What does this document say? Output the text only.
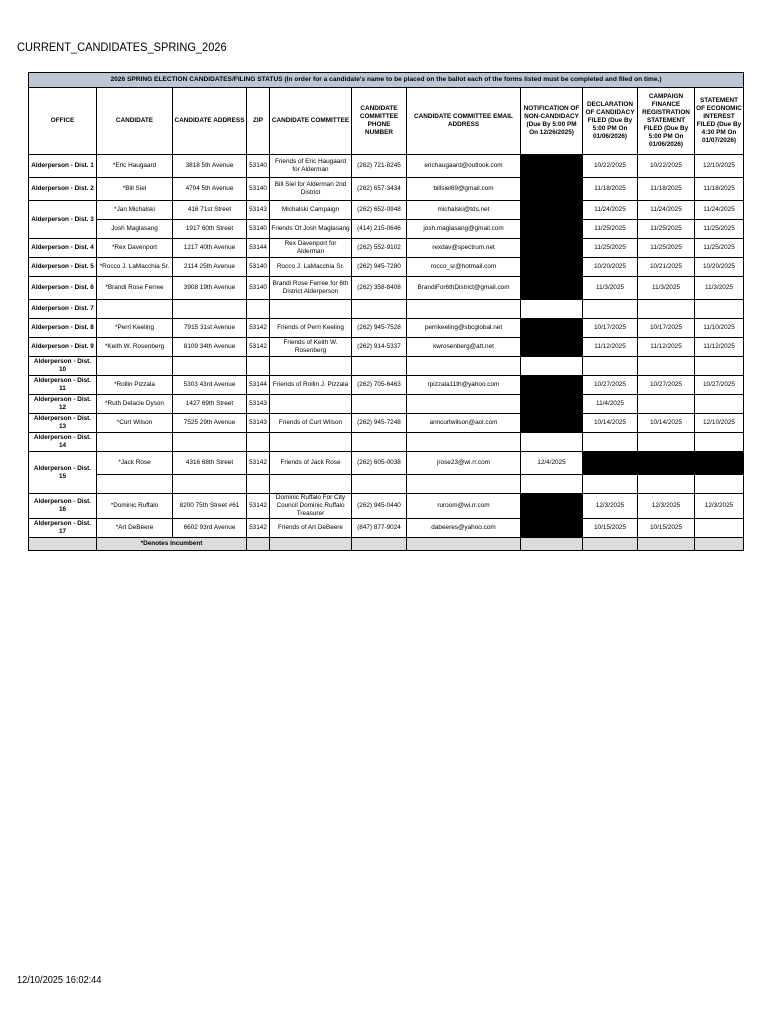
CURRENT_CANDIDATES_SPRING_2026
2026 SPRING ELECTION CANDIDATES/FILING STATUS (In order for a candidate's name to be placed on the ballot each of the forms listed must be completed and filed on time.)										
OFFICE	CANDIDATE	CANDIDATE ADDRESS	ZIP	CANDIDATE COMMITTEE	CANDIDATE COMMITTEE PHONE NUMBER	CANDIDATE COMMITTEE EMAIL ADDRESS	NOTIFICATION OF NON-CANDIDACY (Due By 5:00 PM On 12/26/2025)	DECLARATION OF CANDIDACY FILED (Due By 5:00 PM On 01/06/2026)	CAMPAIGN FINANCE REGISTRATION STATEMENT FILED (Due By 5:00 PM On 01/06/2026)	STATEMENT OF ECONOMIC INTEREST FILED (Due By 4:30 PM On 01/07/2026)
Alderperson - Dist. 1	*Eric Haugaard	3818 5th Avenue	53140	Friends of Eric Haugaard for Alderman	(262) 721-8245	erichaugaard@outlook.com		10/22/2025	10/22/2025	12/10/2025
Alderperson - Dist. 2	*Bill Siel	4704 5th Avenue	53140	Bill Siel for Alderman 2nd District	(262) 657-3434	billsiel69@gmail.com		11/18/2025	11/18/2025	11/18/2025
Alderperson - Dist. 3	*Jan Michalski	416 71st Street	53143	Michalski Campaign	(262) 652-0948	michalski@tds.net		11/24/2025	11/24/2025	11/24/2025
	Josh Maglasang	1917 60th Street	53140	Friends Of Josh Maglasang	(414) 215-0646	josh.maglasang@gmail.com		11/25/2025	11/25/2025	11/25/2025
Alderperson - Dist. 4	*Rex Davenport	1217 40th Avenue	53144	Rex Davenport for Alderman	(262) 552-9102	rexdav@spectrum.net		11/25/2025	11/25/2025	11/25/2025
Alderperson - Dist. 5	*Rocco J. LaMacchia Sr.	2114 25th Avenue	53140	Rocco J. LaMacchia Sr.	(262) 945-7280	rocco_sr@hotmail.com		10/20/2025	10/21/2025	10/20/2025
Alderperson - Dist. 6	*Brandi Rose Ferree	3908 19th Avenue	53140	Brandi Rose Ferree for 6th District Alderperson	(262) 358-8408	BrandiFor6thDistrict@gmail.com		11/3/2025	11/3/2025	11/3/2025
Alderperson - Dist. 7										
Alderperson - Dist. 8	*Perri Keeling	7915 31st Avenue	53142	Friends of Perri Keeling	(262) 945-7528	perrikeeling@sbcglobal.net		10/17/2025	10/17/2025	11/10/2025
Alderperson - Dist. 9	*Keith W. Rosenberg	8109 34th Avenue	53142	Friends of Keith W. Rosenberg	(262) 914-5337	kwrosenberg@att.net		11/12/2025	11/12/2025	11/12/2025
Alderperson - Dist. 10										
Alderperson - Dist. 11	*Rollin Pizzala	5303 43rd Avenue	53144	Friends of Rollin J. Pizzala	(262) 705-6463	rpizzala11th@yahoo.com		10/27/2025	10/27/2025	10/27/2025
Alderperson - Dist. 12	*Ruth Delacie Dyson	1427 69th Street	53143					11/4/2025		
Alderperson - Dist. 13	*Curt Wilson	7525 29th Avenue	53143	Friends of Curt Wilson	(262) 945-7248	anncurtwilson@aol.com		10/14/2025	10/14/2025	12/10/2025
Alderperson - Dist. 14										
Alderperson - Dist. 15	*Jack Rose	4316 68th Street	53142	Friends of Jack Rose	(262) 605-0038	jrose23@wi.rr.com	12/4/2025			

Alderperson - Dist. 16	*Dominic Ruffalo	8200 75th Street #61	53142	Dominic Ruffalo For City Council Dominic Ruffalo Treasurer	(262) 945-0440	ruroom@wi.rr.com		12/3/2025	12/3/2025	12/3/2025
Alderperson - Dist. 17	*Art DeBeere	6602 93rd Avenue	53142	Friends of Art DeBeere	(847) 877-9024	dabeeres@yahoo.com		10/15/2025	10/15/2025	
	*Denotes Incumbent									
12/10/2025 16:02:44
